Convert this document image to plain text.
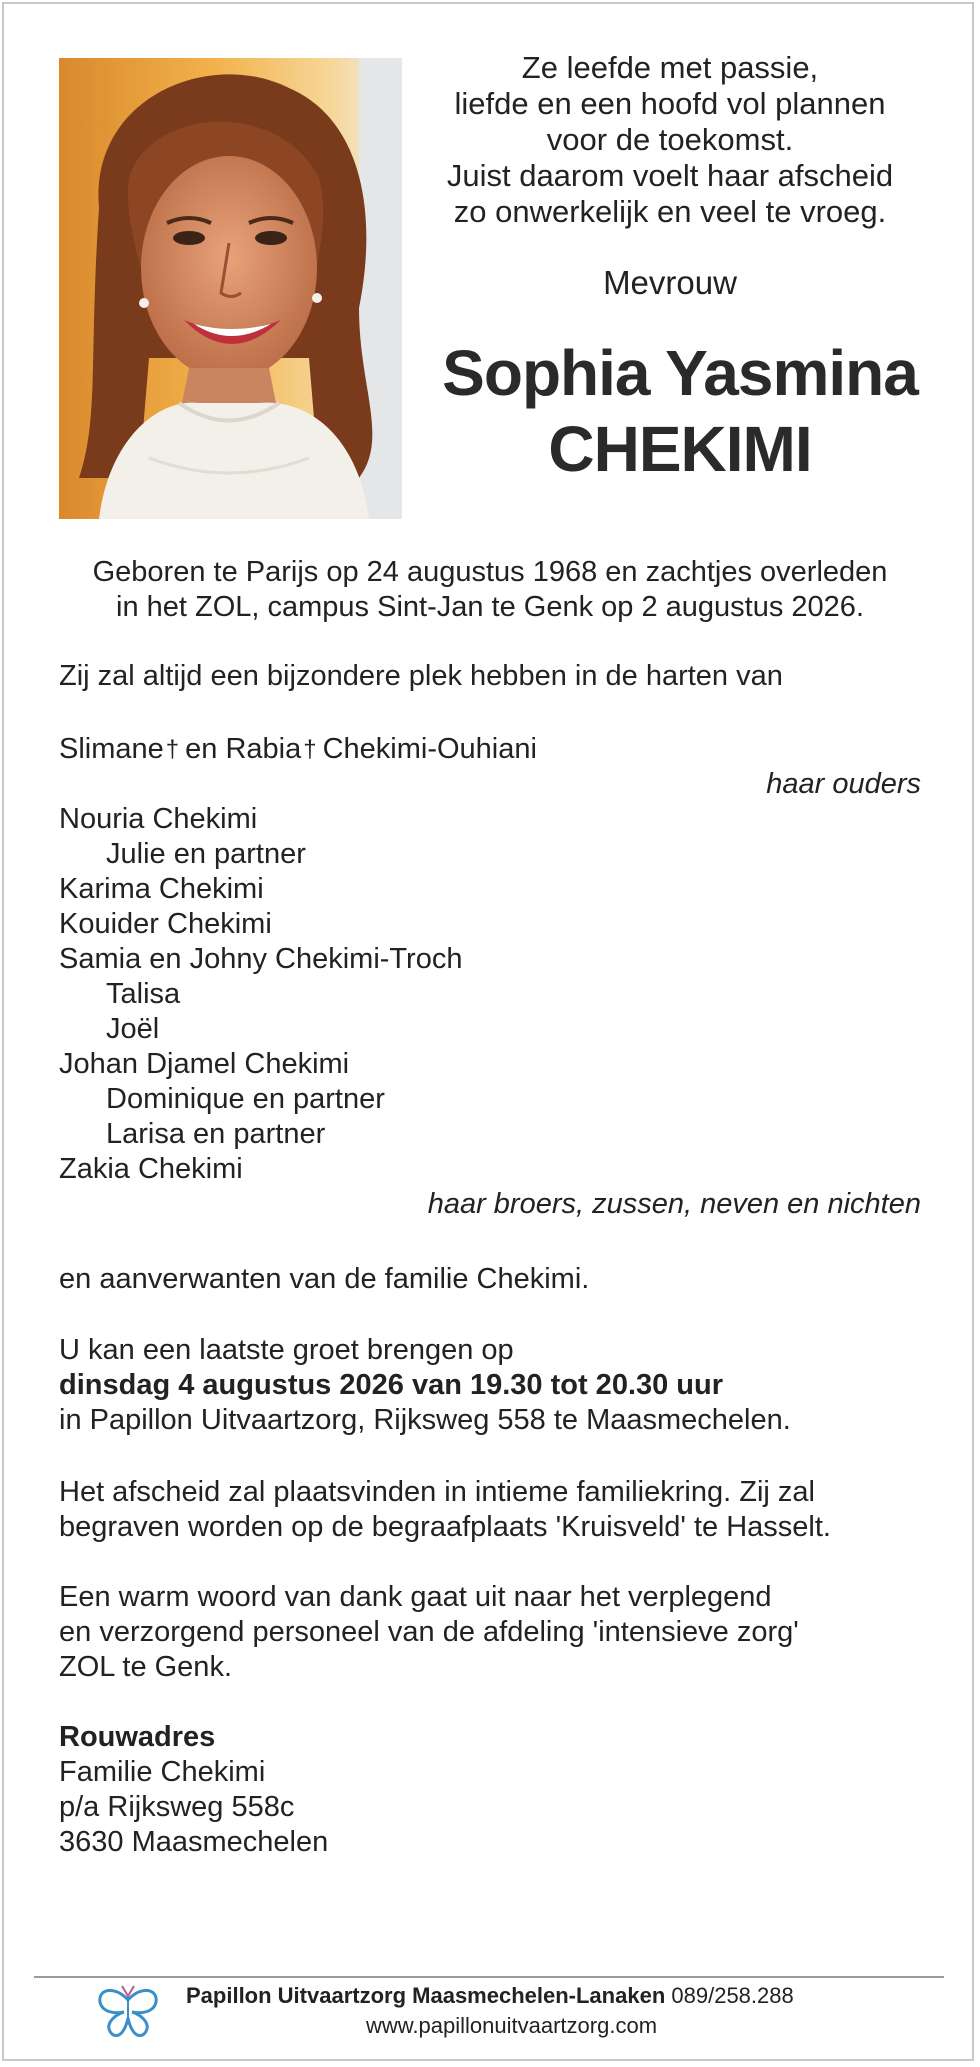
Ze leefde met passie,
liefde en een hoofd vol plannen
voor de toekomst.
Juist daarom voelt haar afscheid
zo onwerkelijk en veel te vroeg.
Mevrouw
Sophia Yasmina
CHEKIMI
Geboren te Parijs op 24 augustus 1968 en zachtjes overleden
in het ZOL, campus Sint-Jan te Genk op 2 augustus 2026.
Zij zal altijd een bijzondere plek hebben in de harten van
Slimane† en Rabia† Chekimi-Ouhiani
haar ouders
Nouria Chekimi
Julie en partner
Karima Chekimi
Kouider Chekimi
Samia en Johny Chekimi-Troch
Talisa
Joël
Johan Djamel Chekimi
Dominique en partner
Larisa en partner
Zakia Chekimi
haar broers, zussen, neven en nichten
en aanverwanten van de familie Chekimi.
U kan een laatste groet brengen op
dinsdag 4 augustus 2026 van 19.30 tot 20.30 uur
in Papillon Uitvaartzorg, Rijksweg 558 te Maasmechelen.
Het afscheid zal plaatsvinden in intieme familiekring. Zij zal
begraven worden op de begraafplaats 'Kruisveld' te Hasselt.
Een warm woord van dank gaat uit naar het verplegend
en verzorgend personeel van de afdeling 'intensieve zorg'
ZOL te Genk.
Rouwadres
Familie Chekimi
p/a Rijksweg 558c
3630 Maasmechelen
Papillon Uitvaartzorg Maasmechelen-Lanaken 089/258.288
www.papillonuitvaartzorg.com
